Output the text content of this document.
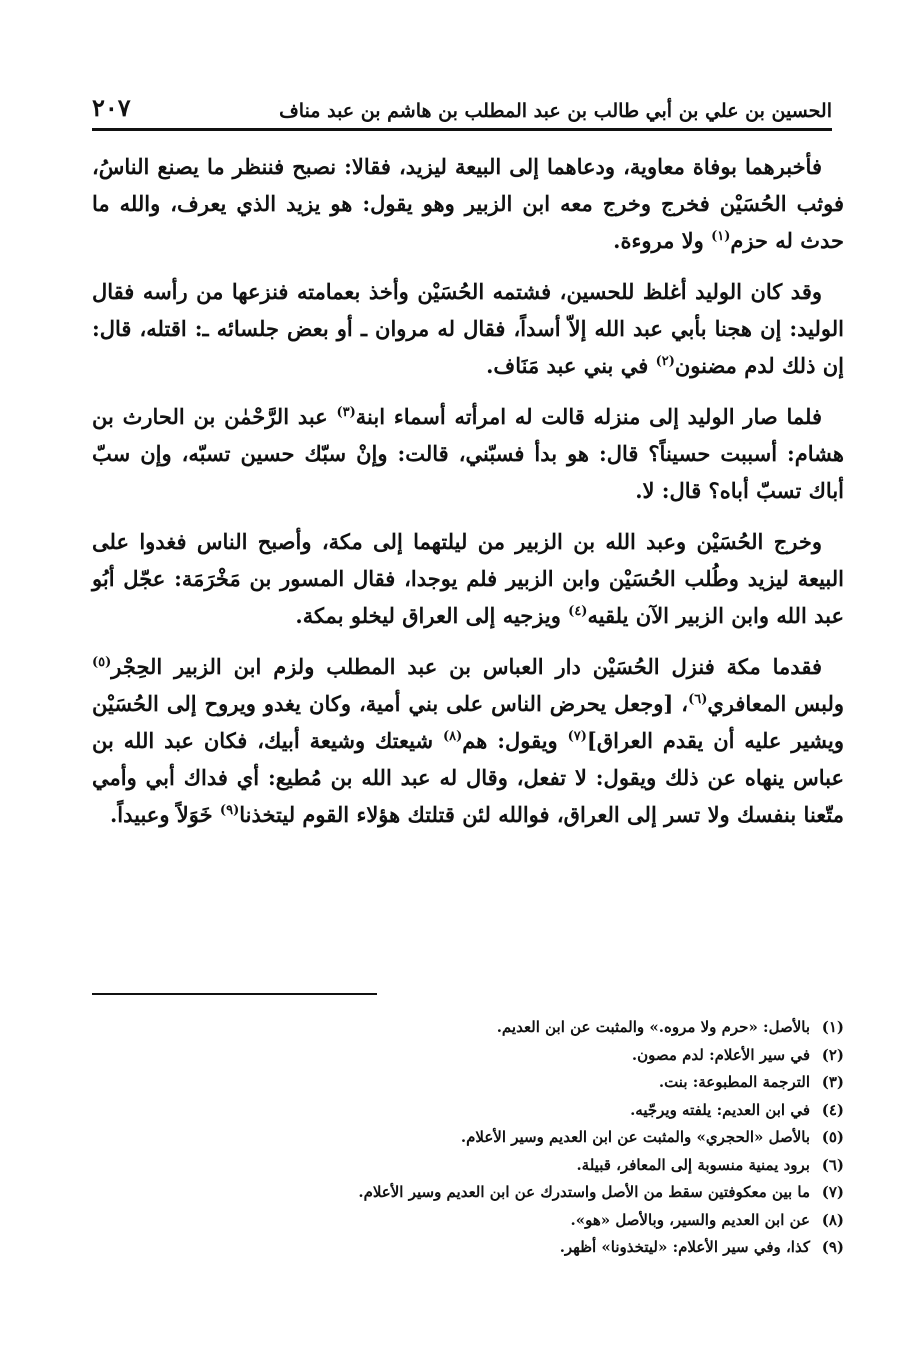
الحسين بن علي بن أبي طالب بن عبد المطلب بن هاشم بن عبد مناف
٢٠٧

فأخبرهما بوفاة معاوية، ودعاهما إلى البيعة ليزيد، فقالا: نصبح فننظر ما يصنع الناسُ، فوثب الحُسَيْن فخرج وخرج معه ابن الزبير وهو يقول: هو يزيد الذي يعرف، والله ما حدث له حزم$^{(١)}$ ولا مروءة.

وقد كان الوليد أغلظ للحسين، فشتمه الحُسَيْن وأخذ بعمامته فنزعها من رأسه فقال الوليد: إن هجنا بأبي عبد الله إلاّ أسداً، فقال له مروان ـ أو بعض جلسائه ـ: اقتله، قال: إن ذلك لدم مضنون$^{(٢)}$ في بني عبد مَنَاف.

فلما صار الوليد إلى منزله قالت له امرأته أسماء ابنة$^{(٣)}$ عبد الرَّحْمٰن بن الحارث بن هشام: أسببت حسيناً؟ قال: هو بدأ فسبّني، قالت: وإنْ سبّك حسين تسبّه، وإن سبّ أباك تسبّ أباه؟ قال: لا.

وخرج الحُسَيْن وعبد الله بن الزبير من ليلتهما إلى مكة، وأصبح الناس فغدوا على البيعة ليزيد وطُلب الحُسَيْن وابن الزبير فلم يوجدا، فقال المسور بن مَخْرَمَة: عجّل أبُو عبد الله وابن الزبير الآن يلقيه$^{(٤)}$ ويزجيه إلى العراق ليخلو بمكة.

فقدما مكة فنزل الحُسَيْن دار العباس بن عبد المطلب ولزم ابن الزبير الحِجْر$^{(٥)}$ ولبس المعافري$^{(٦)}$، [وجعل يحرض الناس على بني أمية، وكان يغدو ويروح إلى الحُسَيْن ويشير عليه أن يقدم العراق]$^{(٧)}$ ويقول: هم$^{(٨)}$ شيعتك وشيعة أبيك، فكان عبد الله بن عباس ينهاه عن ذلك ويقول: لا تفعل، وقال له عبد الله بن مُطيع: أي فداك أبي وأمي متّعنا بنفسك ولا تسر إلى العراق، فوالله لئن قتلتك هؤلاء القوم ليتخذنا$^{(٩)}$ خَوَلاً وعبيداً.

(١)
بالأصل: «حرم ولا مروه.» والمثبت عن ابن العديم.
(٢)
في سير الأعلام: لدم مصون.
(٣)
الترجمة المطبوعة: بنت.
(٤)
في ابن العديم: يلفته ويرجّيه.
(٥)
بالأصل «الحجري» والمثبت عن ابن العديم وسير الأعلام.
(٦)
برود يمنية منسوبة إلى المعافر، قبيلة.
(٧)
ما بين معكوفتين سقط من الأصل واستدرك عن ابن العديم وسير الأعلام.
(٨)
عن ابن العديم والسير، وبالأصل «هو».
(٩)
كذا، وفي سير الأعلام: «ليتخذونا» أظهر.
